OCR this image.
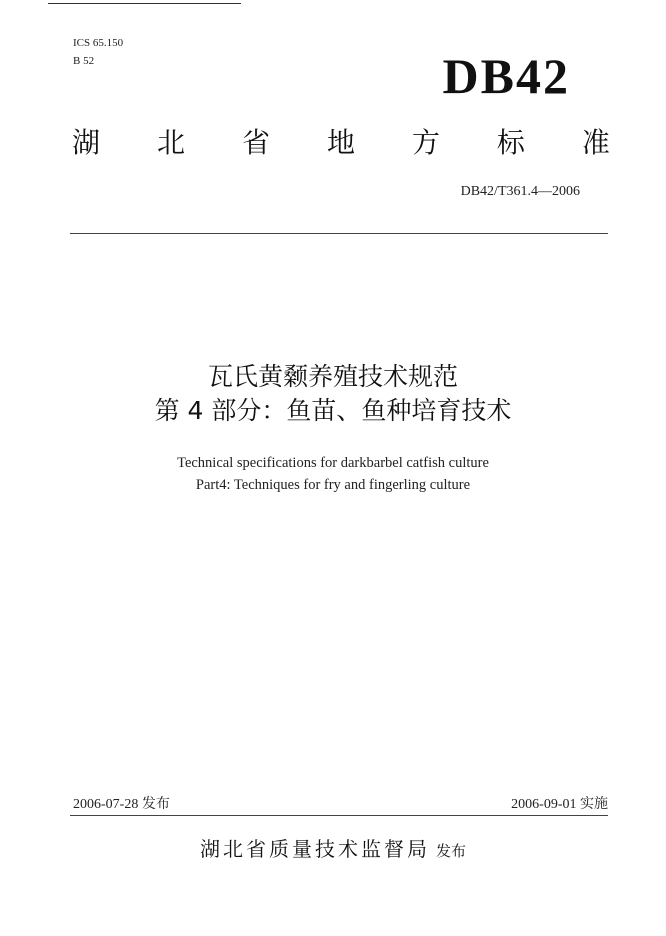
ICS 65.150
B 52	DB42
湖 北 省 地 方 标 准
DB42/T361.4—2006
瓦氏黄颡养殖技术规范
第 4 部分：鱼苗、鱼种培育技术
Technical specifications for darkbarbel catfish culture
Part4: Techniques for fry and fingerling culture
2006-07-28 发布	2006-09-01 实施
湖北省质量技术监督局 发布
